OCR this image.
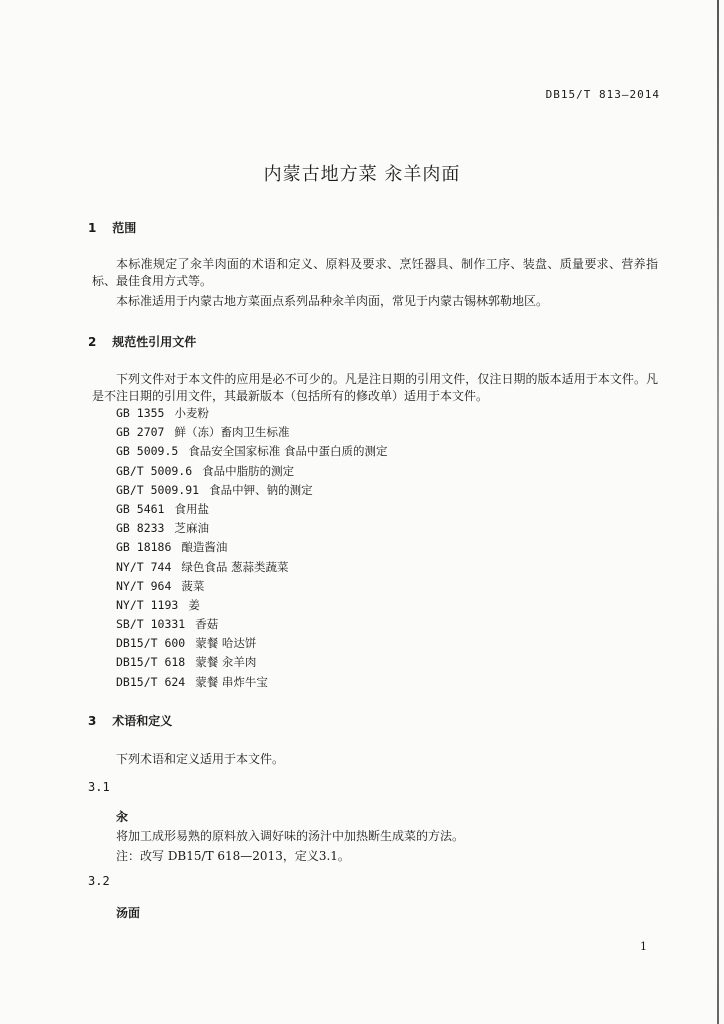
DB15/T 813—2014
内蒙古地方菜 汆羊肉面
1 范围
本标准规定了汆羊肉面的术语和定义、原料及要求、烹饪器具、制作工序、装盘、质量要求、营养指标、最佳食用方式等。
本标准适用于内蒙古地方菜面点系列品种汆羊肉面，常见于内蒙古锡林郭勒地区。
2 规范性引用文件
下列文件对于本文件的应用是必不可少的。凡是注日期的引用文件，仅注日期的版本适用于本文件。凡是不注日期的引用文件，其最新版本（包括所有的修改单）适用于本文件。
GB 1355 小麦粉
GB 2707 鲜（冻）畜肉卫生标准
GB 5009.5 食品安全国家标准 食品中蛋白质的测定
GB/T 5009.6 食品中脂肪的测定
GB/T 5009.91 食品中钾、钠的测定
GB 5461 食用盐
GB 8233 芝麻油
GB 18186 酿造酱油
NY/T 744 绿色食品 葱蒜类蔬菜
NY/T 964 菠菜
NY/T 1193 姜
SB/T 10331 香菇
DB15/T 600 蒙餐 哈达饼
DB15/T 618 蒙餐 汆羊肉
DB15/T 624 蒙餐 串炸牛宝
3 术语和定义
下列术语和定义适用于本文件。
3.1
汆
将加工成形易熟的原料放入调好味的汤汁中加热断生成菜的方法。
注：改写 DB15/T 618—2013，定义3.1。
3.2
汤面
1
